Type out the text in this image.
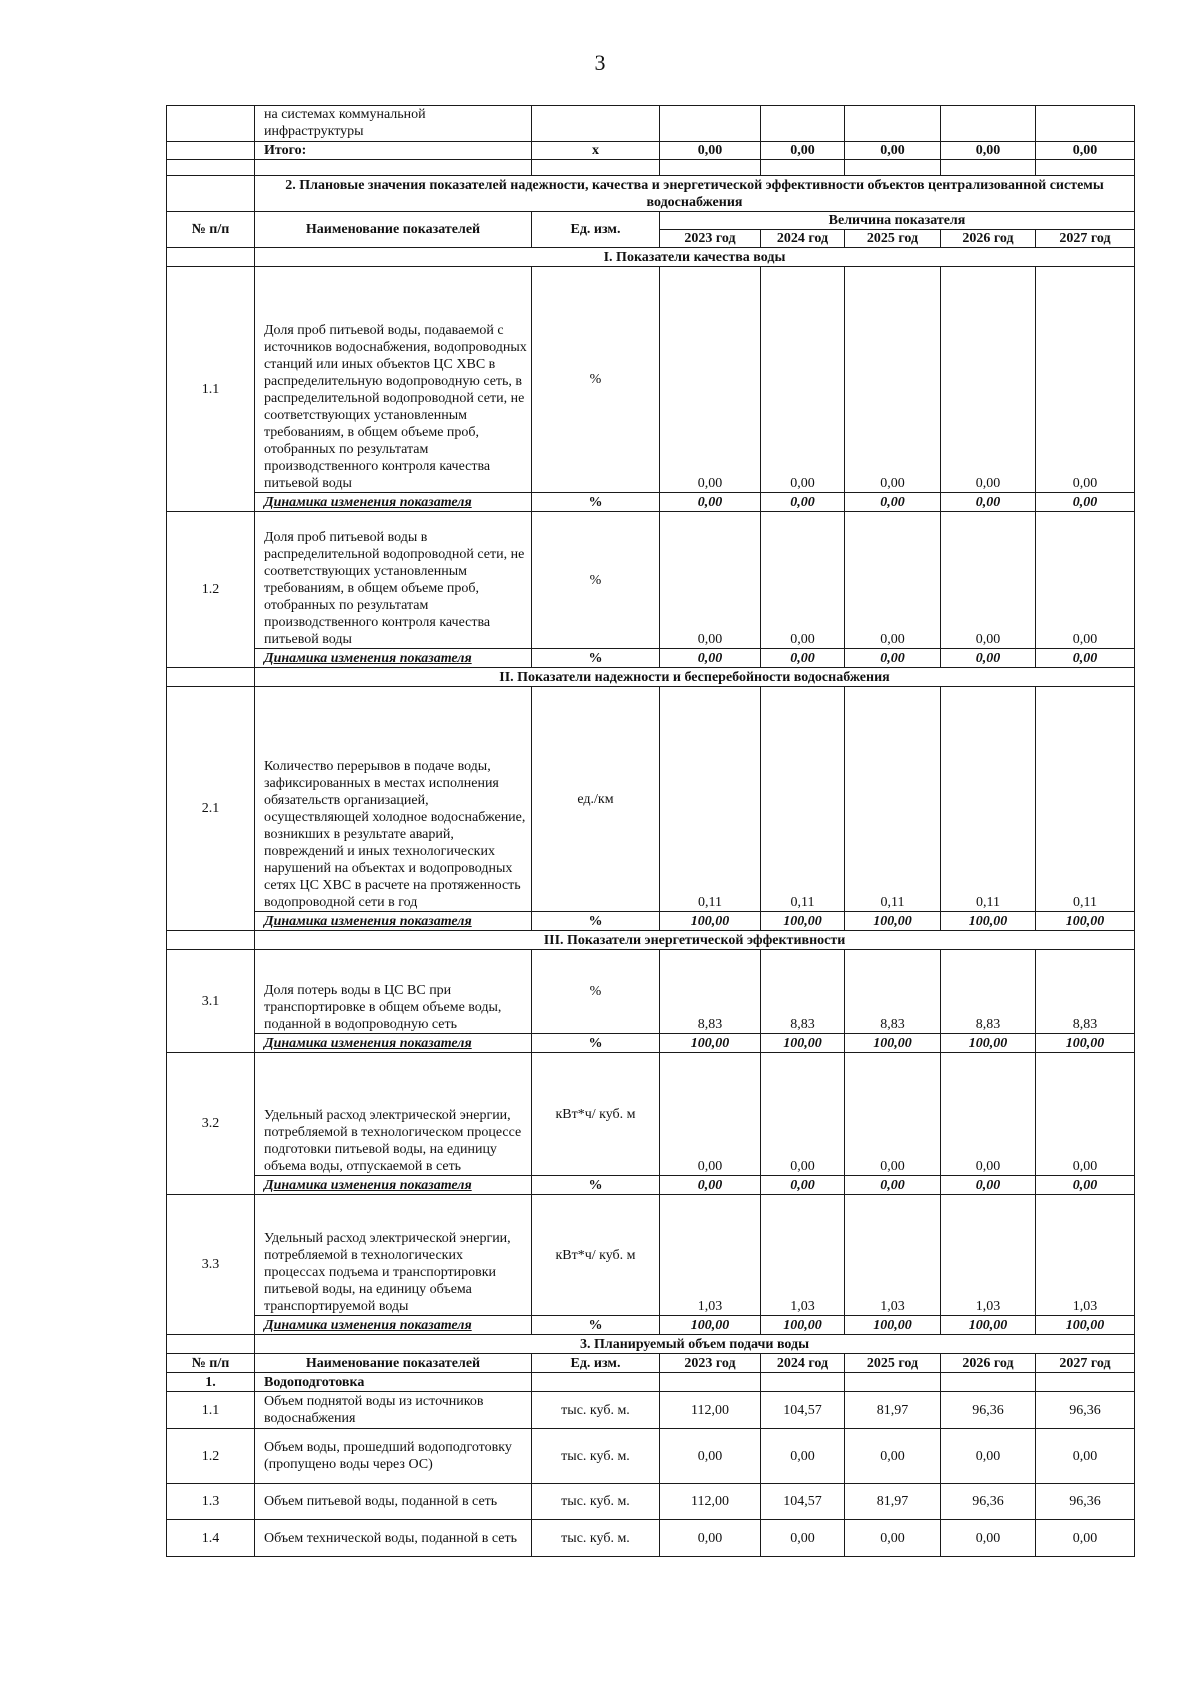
3
	на системах коммунальной инфраструктуры						
	Итого:	x	0,00	0,00	0,00	0,00	0,00

	2. Плановые значения показателей надежности, качества и энергетической эффективности объектов централизованной системы водоснабжения						
№ п/п	Наименование показателей	Ед. изм.	Величина показателя				
			2023 год	2024 год	2025 год	2026 год	2027 год
	I. Показатели качества воды						
1.1	Доля проб питьевой воды, подаваемой с источников водоснабжения, водопроводных станций или иных объектов ЦС ХВС в распределительную водопроводную сеть, в распределительной водопроводной сети, не соответствующих установленным требованиям, в общем объеме проб, отобранных по результатам производственного контроля качества питьевой воды	%	0,00	0,00	0,00	0,00	0,00
	Динамика изменения показателя	%	0,00	0,00	0,00	0,00	0,00
1.2	Доля проб питьевой воды в распределительной водопроводной сети, не соответствующих установленным требованиям, в общем объеме проб, отобранных по результатам производственного контроля качества питьевой воды	%	0,00	0,00	0,00	0,00	0,00
	Динамика изменения показателя	%	0,00	0,00	0,00	0,00	0,00
	II. Показатели надежности и бесперебойности водоснабжения						
2.1	Количество перерывов в подаче воды, зафиксированных в местах исполнения обязательств организацией, осуществляющей холодное водоснабжение, возникших в результате аварий, повреждений и иных технологических нарушений на объектах и водопроводных сетях ЦС ХВС в расчете на протяженность водопроводной сети в год	ед./км	0,11	0,11	0,11	0,11	0,11
	Динамика изменения показателя	%	100,00	100,00	100,00	100,00	100,00
	III. Показатели энергетической эффективности						
3.1	Доля потерь воды в ЦС ВС при транспортировке в общем объеме воды, поданной в водопроводную сеть	%	8,83	8,83	8,83	8,83	8,83
	Динамика изменения показателя	%	100,00	100,00	100,00	100,00	100,00
3.2	Удельный расход электрической энергии, потребляемой в технологическом процессе подготовки питьевой воды, на единицу объема воды, отпускаемой в сеть	кВт*ч/ куб. м	0,00	0,00	0,00	0,00	0,00
	Динамика изменения показателя	%	0,00	0,00	0,00	0,00	0,00
3.3	Удельный расход электрической энергии, потребляемой в технологических процессах подъема и транспортировки питьевой воды, на единицу объема транспортируемой воды	кВт*ч/ куб. м	1,03	1,03	1,03	1,03	1,03
	Динамика изменения показателя	%	100,00	100,00	100,00	100,00	100,00
	3. Планируемый объем подачи воды						
№ п/п	Наименование показателей	Ед. изм.	2023 год	2024 год	2025 год	2026 год	2027 год
1.	Водоподготовка						
1.1	Объем поднятой воды из источников водоснабжения	тыс. куб. м.	112,00	104,57	81,97	96,36	96,36
1.2	Объем воды, прошедший водоподготовку (пропущено воды через ОС)	тыс. куб. м.	0,00	0,00	0,00	0,00	0,00
1.3	Объем питьевой воды, поданной в сеть	тыс. куб. м.	112,00	104,57	81,97	96,36	96,36
1.4	Объем технической воды, поданной в сеть	тыс. куб. м.	0,00	0,00	0,00	0,00	0,00
